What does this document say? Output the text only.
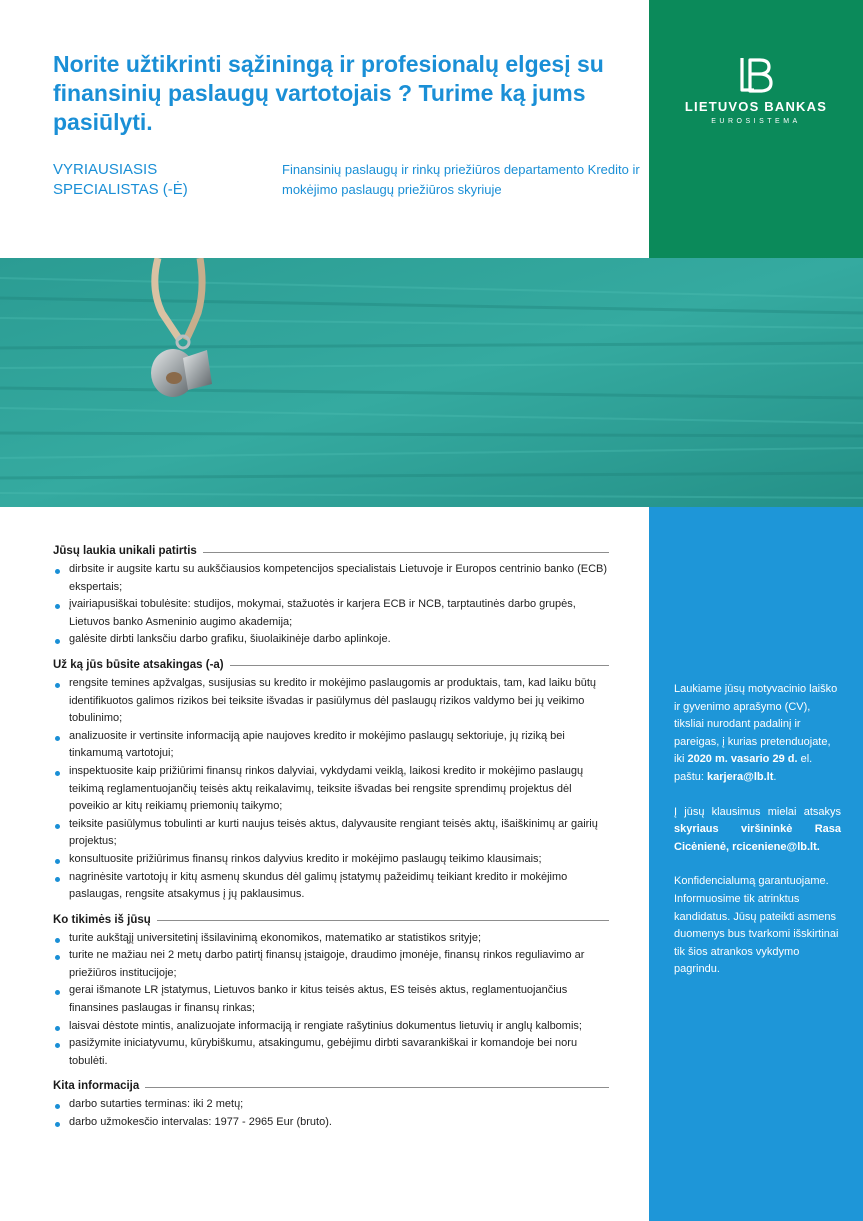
Norite užtikrinti sąžiningą ir profesionalų elgesį su finansinių paslaugų vartotojais ? Turime ką jums pasiūlyti.
VYRIAUSIASIS SPECIALISTAS (-Ė)
Finansinių paslaugų ir rinkų priežiūros departamento Kredito ir mokėjimo paslaugų priežiūros skyriuje
LIETUVOS BANKAS
EUROSISTEMA
Jūsų laukia unikali patirtis
dirbsite ir augsite kartu su aukščiausios kompetencijos specialistais Lietuvoje ir Europos centrinio banko (ECB) ekspertais;
įvairiapusiškai tobulėsite: studijos, mokymai, stažuotės ir karjera ECB ir NCB, tarptautinės darbo grupės, Lietuvos banko Asmeninio augimo akademija;
galėsite dirbti lanksčiu darbo grafiku, šiuolaikinėje darbo aplinkoje.
Už ką jūs būsite atsakingas (-a)
rengsite temines apžvalgas, susijusias su kredito ir mokėjimo paslaugomis ar produktais, tam, kad laiku būtų identifikuotos galimos rizikos bei teiksite išvadas ir pasiūlymus dėl paslaugų rizikos valdymo bei jų veikimo tobulinimo;
analizuosite ir vertinsite informaciją apie naujoves kredito ir mokėjimo paslaugų sektoriuje, jų riziką bei tinkamumą vartotojui;
inspektuosite kaip prižiūrimi finansų rinkos dalyviai, vykdydami veiklą, laikosi kredito ir mokėjimo paslaugų teikimą reglamentuojančių teisės aktų reikalavimų, teiksite išvadas bei rengsite sprendimų projektus dėl poveikio ar kitų reikiamų priemonių taikymo;
teiksite pasiūlymus tobulinti ar kurti naujus teisės aktus, dalyvausite rengiant teisės aktų, išaiškinimų ar gairių projektus;
konsultuosite prižiūrimus finansų rinkos dalyvius kredito ir mokėjimo paslaugų teikimo klausimais;
nagrinėsite vartotojų ir kitų asmenų skundus dėl galimų įstatymų pažeidimų teikiant kredito ir mokėjimo paslaugas, rengsite atsakymus į jų paklausimus.
Ko tikimės iš jūsų
turite aukštąjį universitetinį išsilavinimą ekonomikos, matematiko ar statistikos srityje;
turite ne mažiau nei 2 metų darbo patirtį finansų įstaigoje, draudimo įmonėje, finansų rinkos reguliavimo ar priežiūros institucijoje;
gerai išmanote LR įstatymus, Lietuvos banko ir kitus teisės aktus, ES teisės aktus, reglamentuojančius finansines paslaugas ir finansų rinkas;
laisvai dėstote mintis, analizuojate informaciją ir rengiate rašytinius dokumentus lietuvių ir anglų kalbomis;
pasižymite iniciatyvumu, kūrybiškumu, atsakingumu, gebėjimu dirbti savarankiškai ir komandoje bei noru tobulėti.
Kita informacija
darbo sutarties terminas: iki 2 metų;
darbo užmokesčio intervalas: 1977 - 2965 Eur (bruto).

Laukiame jūsų motyvacinio laiško ir gyvenimo aprašymo (CV), tiksliai nurodant padalinį ir pareigas, į kurias pretenduojate, iki 2020 m. vasario 29 d. el. paštu: karjera@lb.lt.

Į jūsų klausimus mielai atsakys skyriaus viršininkė Rasa Cicėnienė, rciceniene@lb.lt.

Konfidencialumą garantuojame. Informuosime tik atrinktus kandidatus. Jūsų pateikti asmens duomenys bus tvarkomi išskirtinai tik šios atrankos vykdymo pagrindu.
